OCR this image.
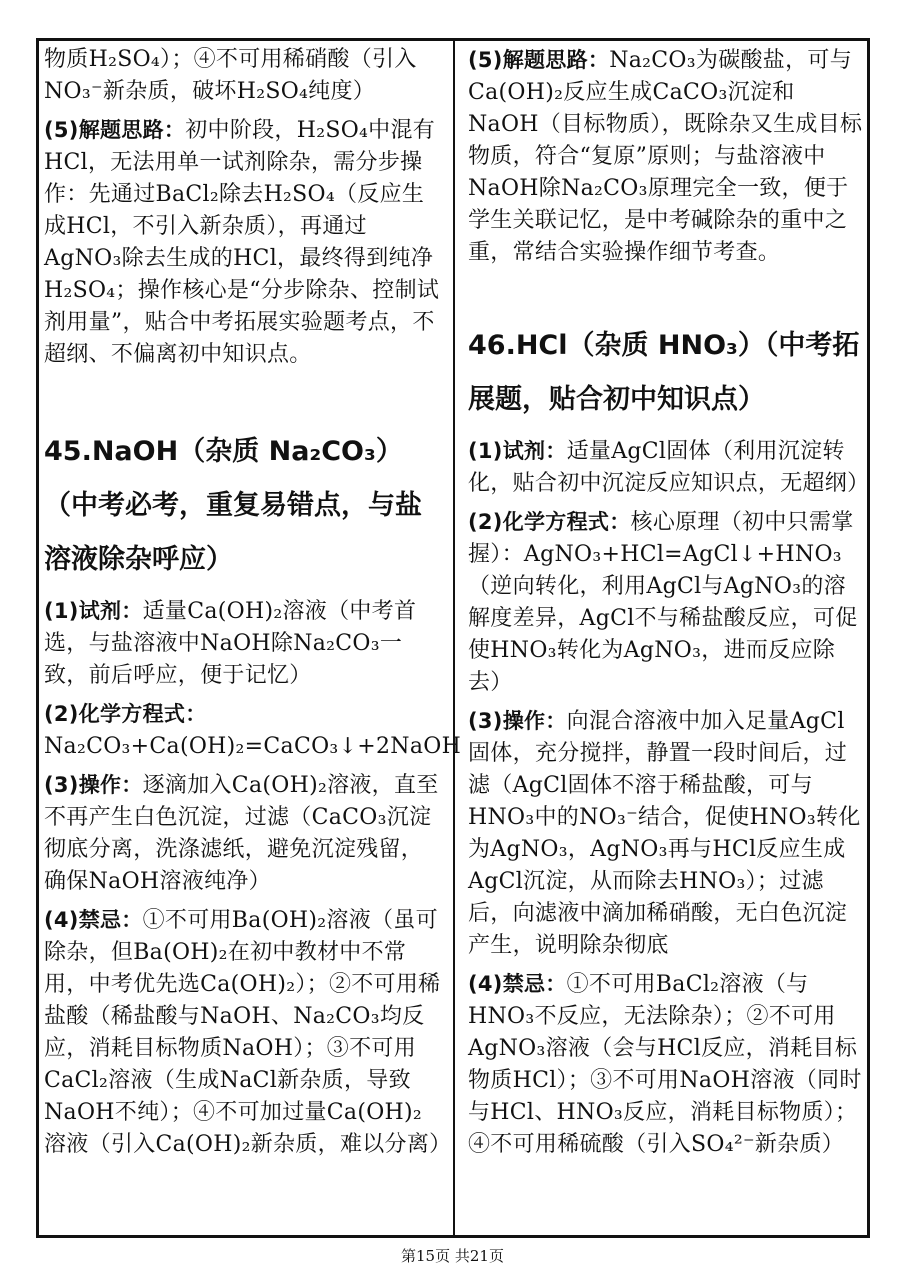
物质H₂SO₄）；④不可用稀硝酸（引入NO₃⁻新杂质，破坏H₂SO₄纯度）

(5)解题思路：初中阶段，H₂SO₄中混有HCl，无法用单一试剂除杂，需分步操作：先通过BaCl₂除去H₂SO₄（反应生成HCl，不引入新杂质），再通过AgNO₃除去生成的HCl，最终得到纯净H₂SO₄；操作核心是“分步除杂、控制试剂用量”，贴合中考拓展实验题考点，不超纲、不偏离初中知识点。

45.NaOH（杂质 Na₂CO₃）（中考必考，重复易错点，与盐溶液除杂呼应）

(1)试剂：适量Ca(OH)₂溶液（中考首选，与盐溶液中NaOH除Na₂CO₃一致，前后呼应，便于记忆）

(2)化学方程式：
Na₂CO₃+Ca(OH)₂=CaCO₃↓+2NaOH

(3)操作：逐滴加入Ca(OH)₂溶液，直至不再产生白色沉淀，过滤（CaCO₃沉淀彻底分离，洗涤滤纸，避免沉淀残留，确保NaOH溶液纯净）

(4)禁忌：①不可用Ba(OH)₂溶液（虽可除杂，但Ba(OH)₂在初中教材中不常用，中考优先选Ca(OH)₂）；②不可用稀盐酸（稀盐酸与NaOH、Na₂CO₃均反应，消耗目标物质NaOH）；③不可用CaCl₂溶液（生成NaCl新杂质，导致NaOH不纯）；④不可加过量Ca(OH)₂溶液（引入Ca(OH)₂新杂质，难以分离）

(5)解题思路：Na₂CO₃为碳酸盐，可与Ca(OH)₂反应生成CaCO₃沉淀和NaOH（目标物质），既除杂又生成目标物质，符合“复原”原则；与盐溶液中NaOH除Na₂CO₃原理完全一致，便于学生关联记忆，是中考碱除杂的重中之重，常结合实验操作细节考查。

46.HCl（杂质 HNO₃）（中考拓展题，贴合初中知识点）

(1)试剂：适量AgCl固体（利用沉淀转化，贴合初中沉淀反应知识点，无超纲）

(2)化学方程式：核心原理（初中只需掌握）：AgNO₃+HCl=AgCl↓+HNO₃（逆向转化，利用AgCl与AgNO₃的溶解度差异，AgCl不与稀盐酸反应，可促使HNO₃转化为AgNO₃，进而反应除去）

(3)操作：向混合溶液中加入足量AgCl固体，充分搅拌，静置一段时间后，过滤（AgCl固体不溶于稀盐酸，可与HNO₃中的NO₃⁻结合，促使HNO₃转化为AgNO₃，AgNO₃再与HCl反应生成AgCl沉淀，从而除去HNO₃）；过滤后，向滤液中滴加稀硝酸，无白色沉淀产生，说明除杂彻底

(4)禁忌：①不可用BaCl₂溶液（与HNO₃不反应，无法除杂）；②不可用AgNO₃溶液（会与HCl反应，消耗目标物质HCl）；③不可用NaOH溶液（同时与HCl、HNO₃反应，消耗目标物质）；④不可用稀硫酸（引入SO₄²⁻新杂质）

第15页 共21页
